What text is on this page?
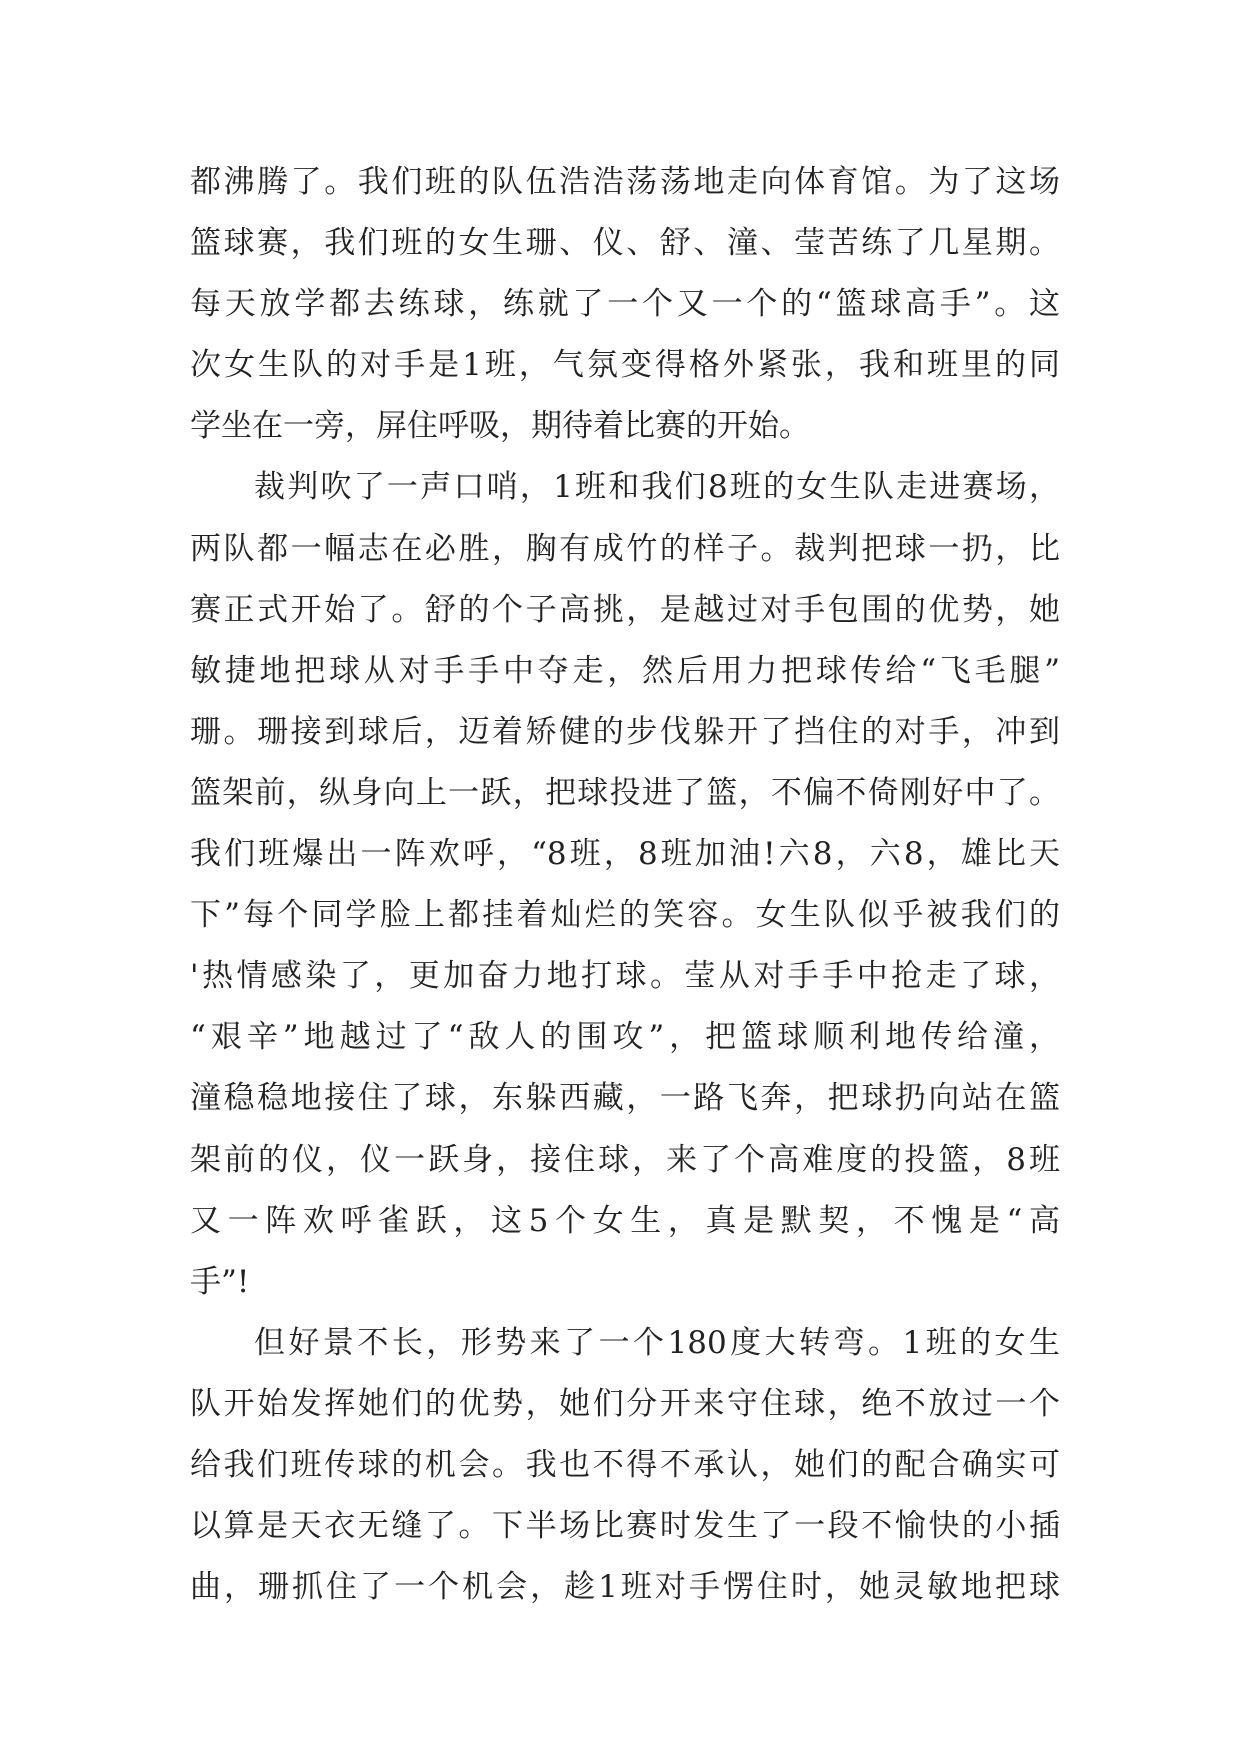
都沸腾了。我们班的队伍浩浩荡荡地走向体育馆。为了这场
篮球赛，我们班的女生珊、仪、舒、潼、莹苦练了几星期。
每天放学都去练球，练就了一个又一个的“篮球高手”。这
次女生队的对手是1班，气氛变得格外紧张，我和班里的同
学坐在一旁，屏住呼吸，期待着比赛的开始。
裁判吹了一声口哨，1班和我们8班的女生队走进赛场，
两队都一幅志在必胜，胸有成竹的样子。裁判把球一扔，比
赛正式开始了。舒的个子高挑，是越过对手包围的优势，她
敏捷地把球从对手手中夺走，然后用力把球传给“飞毛腿”
珊。珊接到球后，迈着矫健的步伐躲开了挡住的对手，冲到
篮架前，纵身向上一跃，把球投进了篮，不偏不倚刚好中了。
我们班爆出一阵欢呼，“8班，8班加油!六8，六8，雄比天
下”每个同学脸上都挂着灿烂的笑容。女生队似乎被我们的
'热情感染了，更加奋力地打球。莹从对手手中抢走了球，
“艰辛”地越过了“敌人的围攻”，把篮球顺利地传给潼，
潼稳稳地接住了球，东躲西藏，一路飞奔，把球扔向站在篮
架前的仪，仪一跃身，接住球，来了个高难度的投篮，8班
又一阵欢呼雀跃，这5个女生，真是默契，不愧是“高
手”!
但好景不长，形势来了一个180度大转弯。1班的女生
队开始发挥她们的优势，她们分开来守住球，绝不放过一个
给我们班传球的机会。我也不得不承认，她们的配合确实可
以算是天衣无缝了。下半场比赛时发生了一段不愉快的小插
曲，珊抓住了一个机会，趁1班对手愣住时，她灵敏地把球
